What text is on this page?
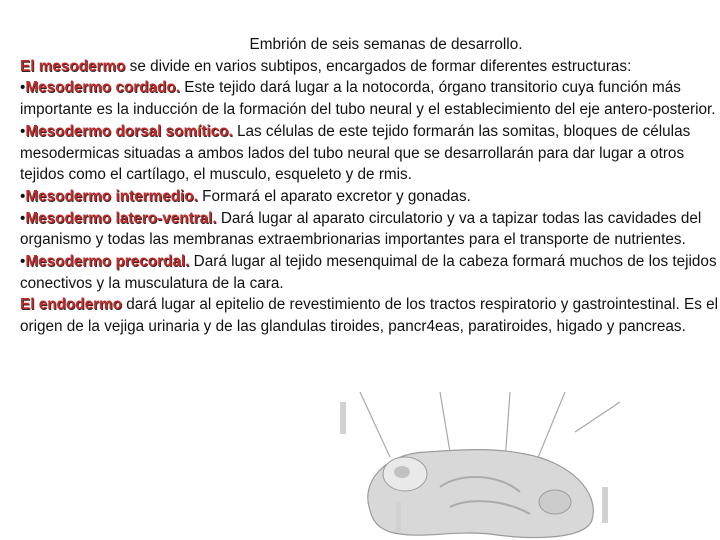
Embrión de seis semanas de desarrollo.
El mesodermo se divide en varios subtipos, encargados de formar diferentes estructuras:
•Mesodermo cordado. Este tejido dará lugar a la notocorda, órgano transitorio cuya función más importante es la inducción de la formación del tubo neural y el establecimiento del eje antero-posterior.
•Mesodermo dorsal somítico. Las células de este tejido formarán las somitas, bloques de células mesodermicas situadas a ambos lados del tubo neural que se desarrollarán para dar lugar a otros tejidos como el cartílago, el musculo, esqueleto y de rmis.
•Mesodermo intermedio. Formará el aparato excretor y gonadas.
•Mesodermo latero-ventral. Dará lugar al aparato circulatorio y va a tapizar todas las cavidades del organismo y todas las membranas extraembrionarias importantes para el transporte de nutrientes.
•Mesodermo precordal. Dará lugar al tejido mesenquimal de la cabeza formará muchos de los tejidos conectivos y la musculatura de la cara.
El endodermo dará lugar al epitelio de revestimiento de los tractos respiratorio y gastrointestinal. Es el origen de la vejiga urinaria y de las glandulas tiroides, pancr4eas, paratiroides, higado y pancreas.
